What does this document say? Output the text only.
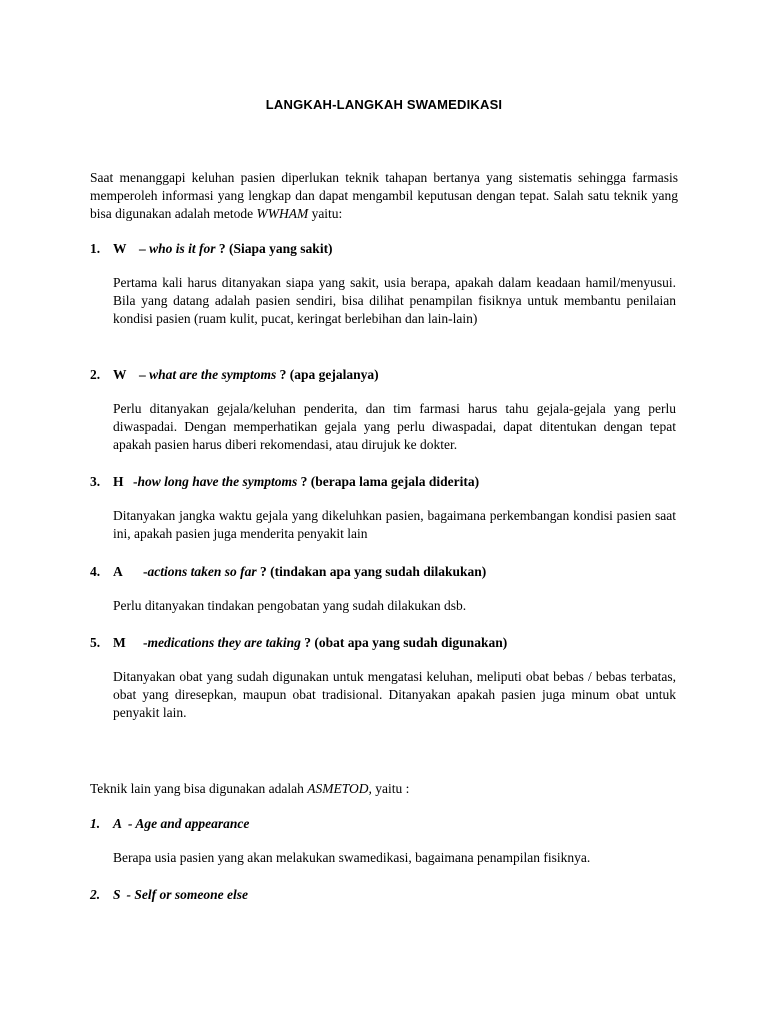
LANGKAH-LANGKAH SWAMEDIKASI
Saat menanggapi keluhan pasien diperlukan teknik tahapan bertanya yang sistematis sehingga farmasis memperoleh informasi yang lengkap dan dapat mengambil keputusan dengan tepat. Salah satu teknik yang bisa digunakan adalah metode WWHAM yaitu:
1. W –
who is it for ? (Siapa yang sakit)
Pertama kali harus ditanyakan siapa yang sakit, usia berapa, apakah dalam keadaan hamil/menyusui. Bila yang datang adalah pasien sendiri, bisa dilihat penampilan fisiknya untuk membantu penilaian kondisi pasien (ruam kulit, pucat, keringat berlebihan dan lain-lain)
2. W –
what are the symptoms ? (apa gejalanya)
Perlu ditanyakan gejala/keluhan penderita, dan tim farmasi harus tahu gejala-gejala yang perlu diwaspadai. Dengan memperhatikan gejala yang perlu diwaspadai, dapat ditentukan dengan tepat apakah pasien harus diberi rekomendasi, atau dirujuk ke dokter.
3. H - how long have the symptoms ? (berapa lama gejala diderita)
Ditanyakan jangka waktu gejala yang dikeluhkan pasien, bagaimana perkembangan kondisi pasien saat ini, apakah pasien juga menderita penyakit lain
4. A	- actions taken so far ? (tindakan apa yang sudah dilakukan)
Perlu ditanyakan tindakan pengobatan yang sudah dilakukan dsb.
5. M	- medications they are taking ? (obat apa yang sudah digunakan)
Ditanyakan obat yang sudah digunakan untuk mengatasi keluhan, meliputi obat bebas / bebas terbatas, obat yang diresepkan, maupun obat tradisional. Ditanyakan apakah pasien juga minum obat untuk penyakit lain.
Teknik lain yang bisa digunakan adalah ASMETOD, yaitu :
1. A - Age and appearance
Berapa usia pasien yang akan melakukan swamedikasi, bagaimana penampilan fisiknya.
2. S - Self or someone else
